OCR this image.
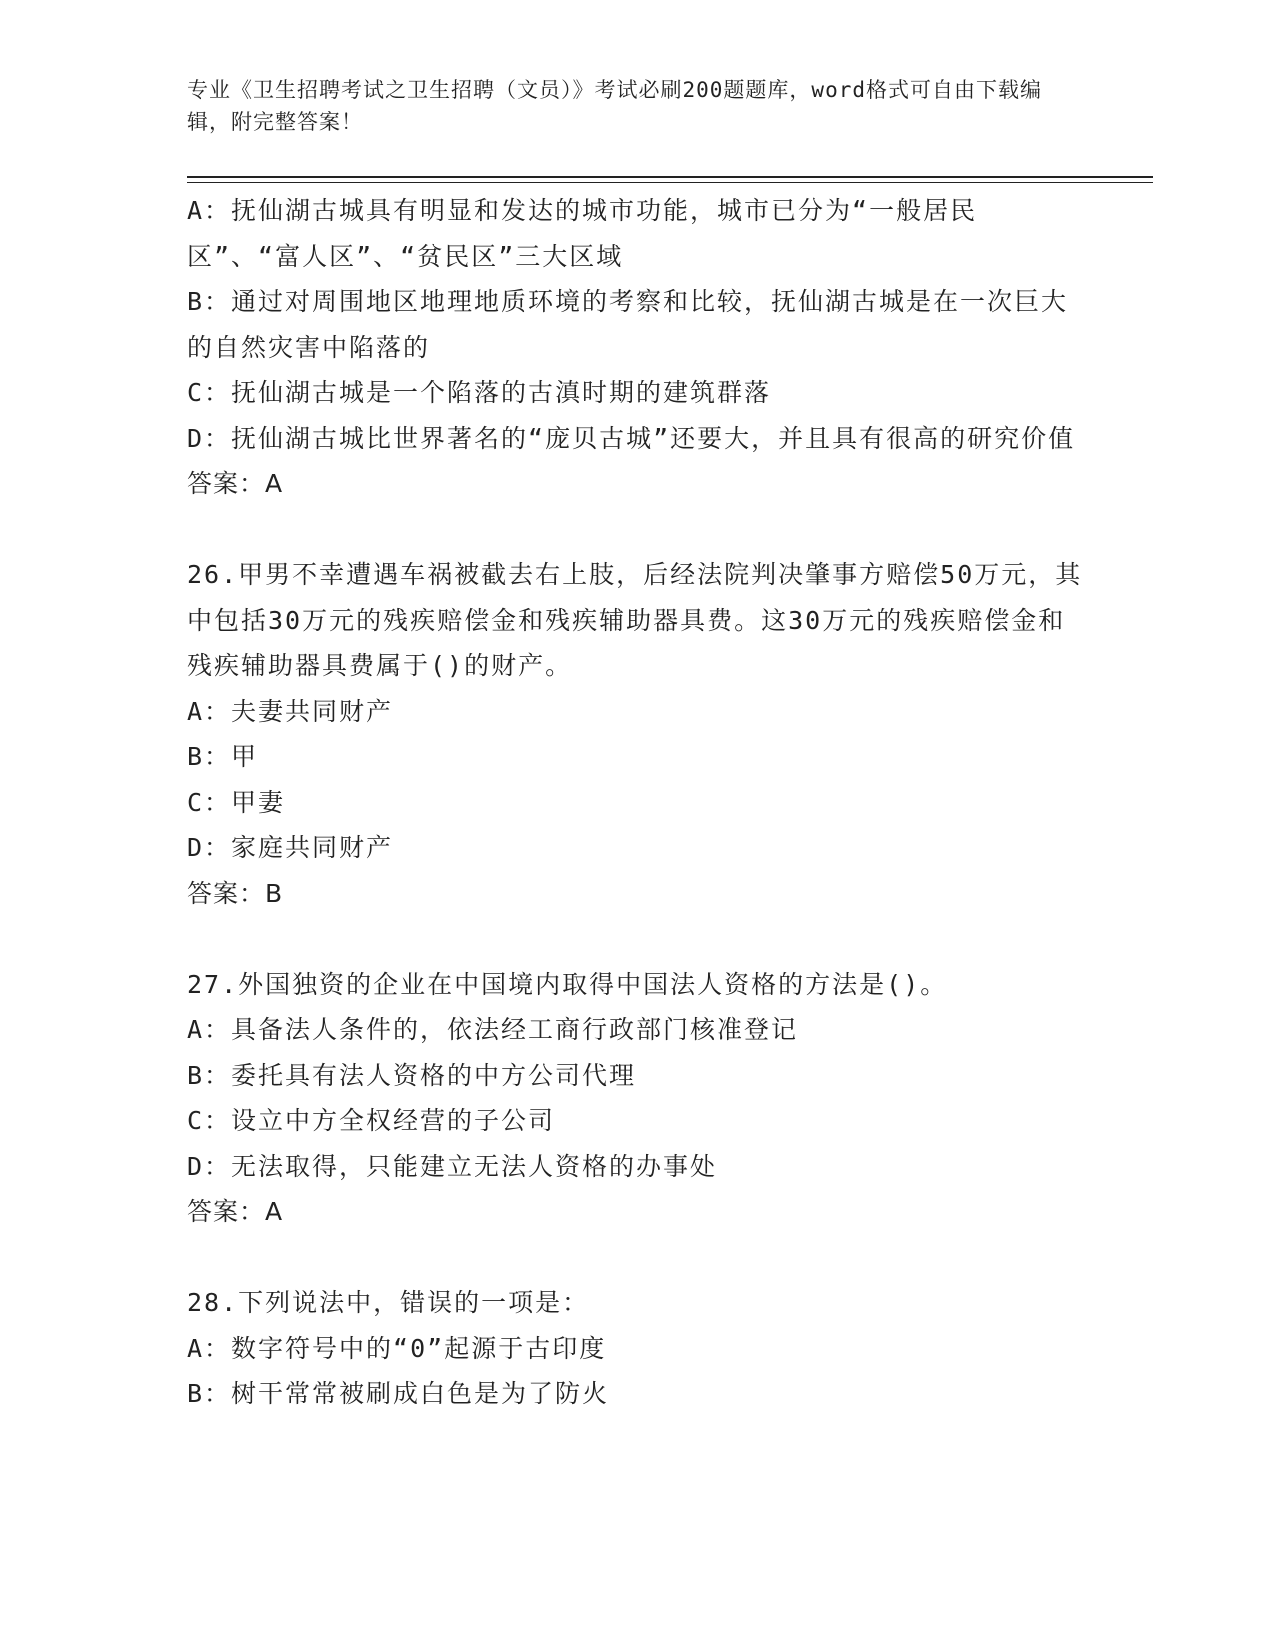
专业《卫生招聘考试之卫生招聘（文员）》考试必刷200题题库，word格式可自由下载编辑，附完整答案！
A：抚仙湖古城具有明显和发达的城市功能，城市已分为“一般居民区”、“富人区”、“贫民区”三大区域
B：通过对周围地区地理地质环境的考察和比较，抚仙湖古城是在一次巨大的自然灾害中陷落的
C：抚仙湖古城是一个陷落的古滇时期的建筑群落
D：抚仙湖古城比世界著名的“庞贝古城”还要大，并且具有很高的研究价值
答案：A
26.甲男不幸遭遇车祸被截去右上肢，后经法院判决肇事方赔偿50万元，其中包括30万元的残疾赔偿金和残疾辅助器具费。这30万元的残疾赔偿金和残疾辅助器具费属于()的财产。
A：夫妻共同财产
B：甲
C：甲妻
D：家庭共同财产
答案：B
27.外国独资的企业在中国境内取得中国法人资格的方法是()。
A：具备法人条件的，依法经工商行政部门核准登记
B：委托具有法人资格的中方公司代理
C：设立中方全权经营的子公司
D：无法取得，只能建立无法人资格的办事处
答案：A
28.下列说法中，错误的一项是：
A：数字符号中的“0”起源于古印度
B：树干常常被刷成白色是为了防火
